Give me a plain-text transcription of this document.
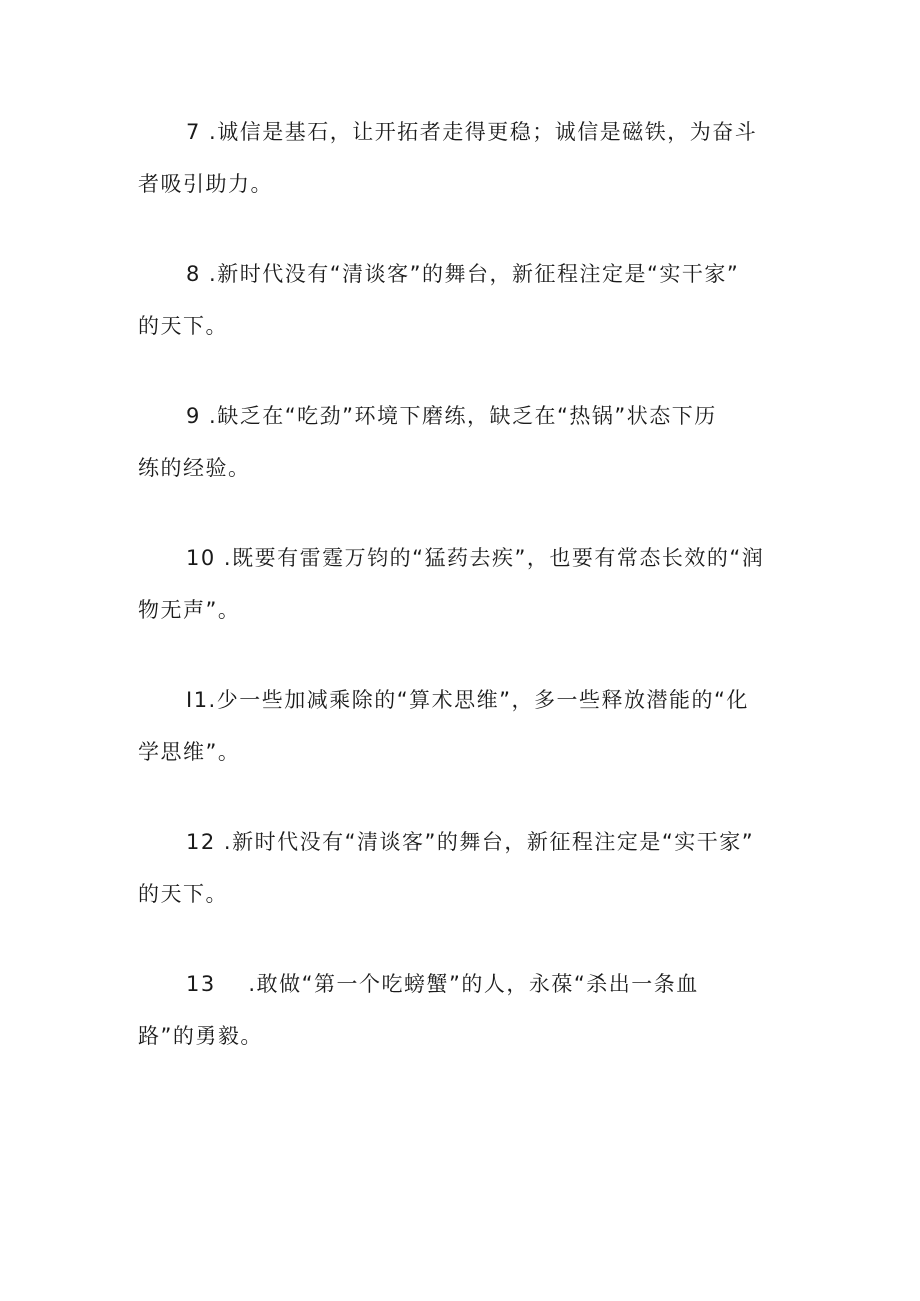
7 .诚信是基石，让开拓者走得更稳；诚信是磁铁，为奋斗
者吸引助力。

8 .新时代没有“清谈客”的舞台，新征程注定是“实干家”
的天下。

9 .缺乏在“吃劲”环境下磨练，缺乏在“热锅”状态下历
练的经验。

10 .既要有雷霆万钧的“猛药去疾”，也要有常态长效的“润
物无声”。

I1.少一些加减乘除的“算术思维”，多一些释放潜能的“化
学思维”。

12 .新时代没有“清谈客”的舞台，新征程注定是“实干家”
的天下。

13    .敢做“第一个吃螃蟹”的人，永葆“杀出一条血
路”的勇毅。
